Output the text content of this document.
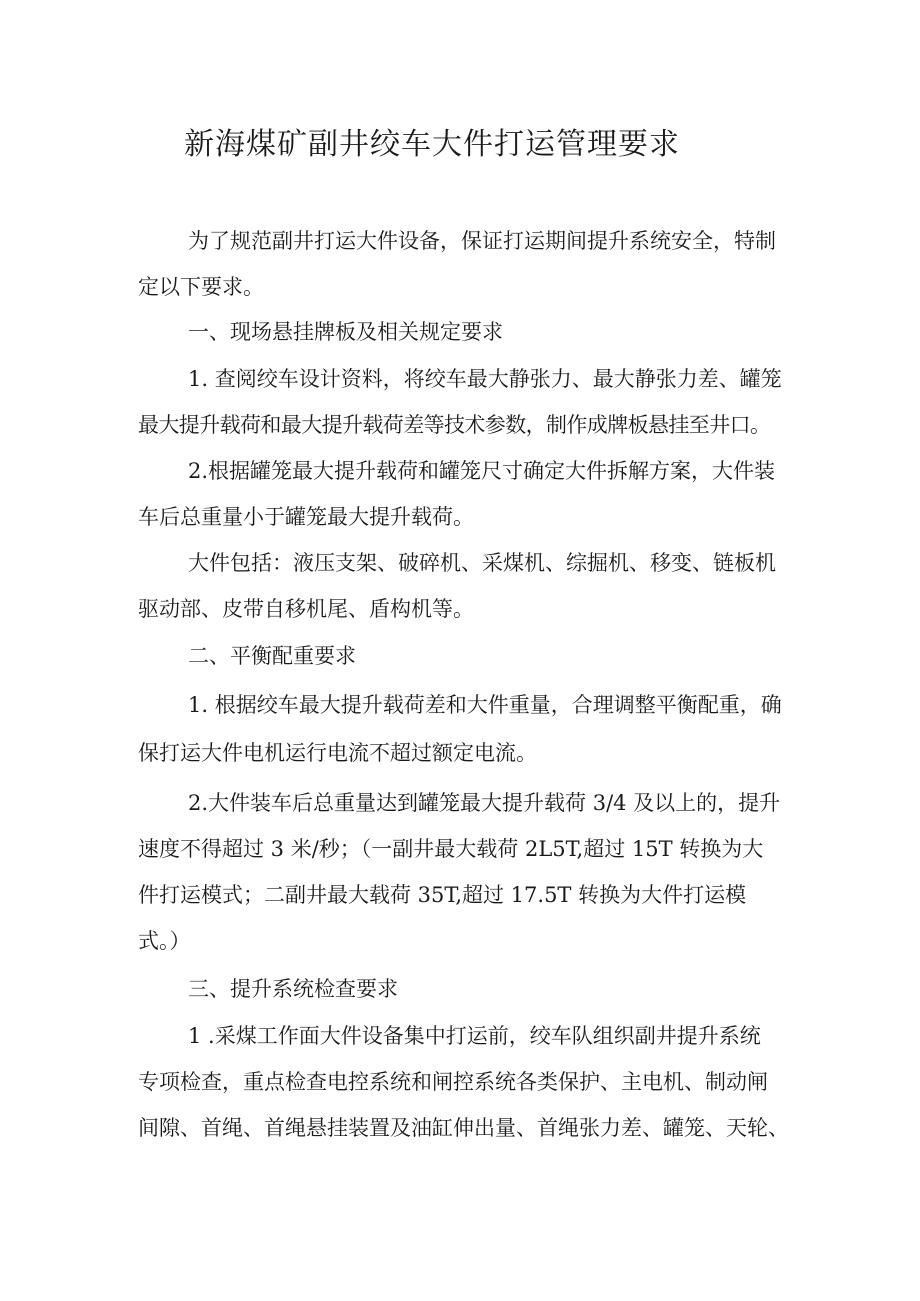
新海煤矿副井绞车大件打运管理要求

为了规范副井打运大件设备，保证打运期间提升系统安全，特制
定以下要求。

一、现场悬挂牌板及相关规定要求

1. 查阅绞车设计资料，将绞车最大静张力、最大静张力差、罐笼
最大提升载荷和最大提升载荷差等技术参数，制作成牌板悬挂至井口。

2.根据罐笼最大提升载荷和罐笼尺寸确定大件拆解方案，大件装
车后总重量小于罐笼最大提升载荷。

大件包括：液压支架、破碎机、采煤机、综掘机、移变、链板机
驱动部、皮带自移机尾、盾构机等。

二、平衡配重要求

1. 根据绞车最大提升载荷差和大件重量，合理调整平衡配重，确
保打运大件电机运行电流不超过额定电流。

2.大件装车后总重量达到罐笼最大提升载荷 3/4 及以上的，提升
速度不得超过 3 米/秒；（一副井最大载荷 2L5T,超过 15T 转换为大
件打运模式；二副井最大载荷 35T,超过 17.5T 转换为大件打运模
式。）

三、提升系统检查要求

1 .采煤工作面大件设备集中打运前，绞车队组织副井提升系统
专项检查，重点检查电控系统和闸控系统各类保护、主电机、制动闸
间隙、首绳、首绳悬挂装置及油缸伸出量、首绳张力差、罐笼、天轮、
